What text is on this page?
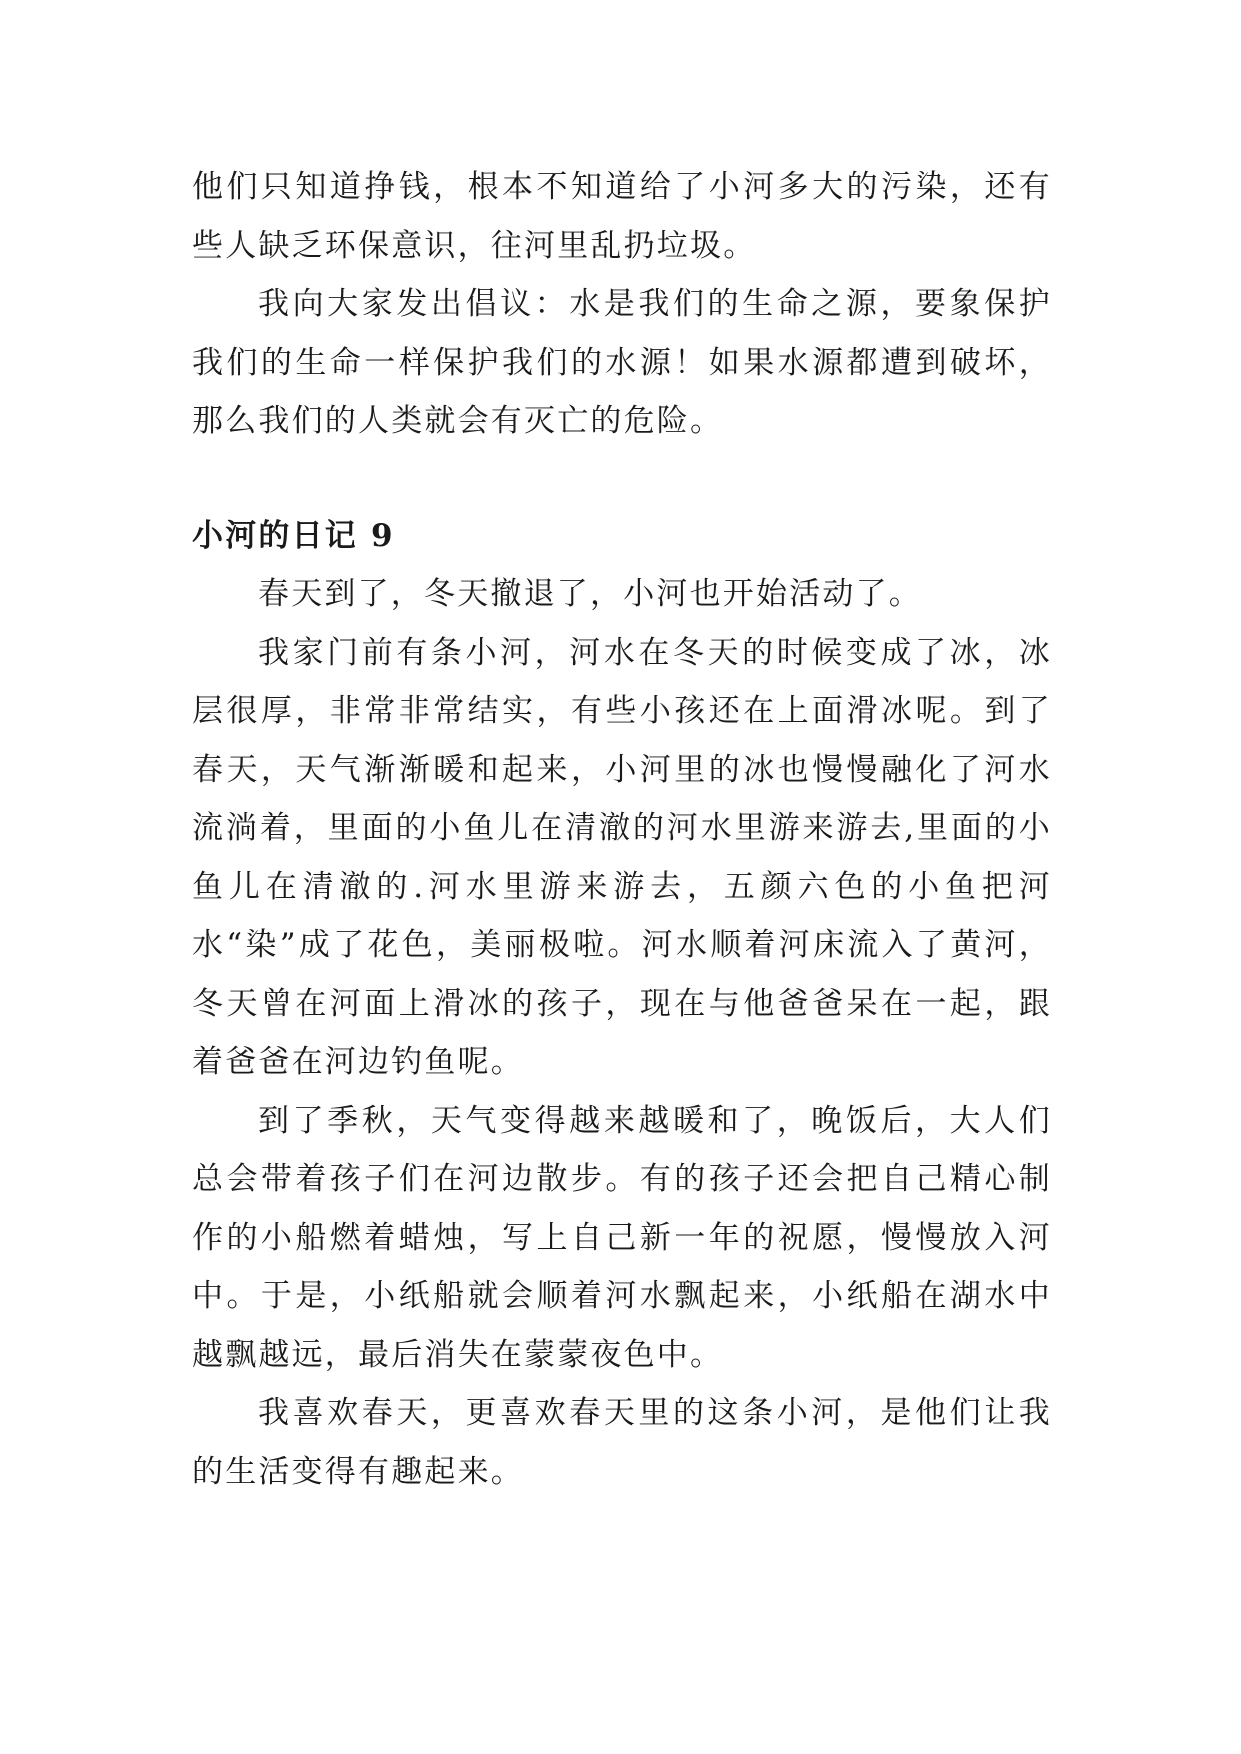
他们只知道挣钱，根本不知道给了小河多大的污染，还有些人缺乏环保意识，往河里乱扔垃圾。

我向大家发出倡议：水是我们的生命之源，要象保护我们的生命一样保护我们的水源！如果水源都遭到破坏，那么我们的人类就会有灭亡的危险。

小河的日记 9

春天到了，冬天撤退了，小河也开始活动了。

我家门前有条小河，河水在冬天的时候变成了冰，冰层很厚，非常非常结实，有些小孩还在上面滑冰呢。到了春天，天气渐渐暖和起来，小河里的冰也慢慢融化了河水流淌着，里面的小鱼儿在清澈的河水里游来游去,里面的小鱼儿在清澈的.河水里游来游去，五颜六色的小鱼把河水“染”成了花色，美丽极啦。河水顺着河床流入了黄河，冬天曾在河面上滑冰的孩子，现在与他爸爸呆在一起，跟着爸爸在河边钓鱼呢。

到了季秋，天气变得越来越暖和了，晚饭后，大人们总会带着孩子们在河边散步。有的孩子还会把自己精心制作的小船燃着蜡烛，写上自己新一年的祝愿，慢慢放入河中。于是，小纸船就会顺着河水飘起来，小纸船在湖水中越飘越远，最后消失在蒙蒙夜色中。

我喜欢春天，更喜欢春天里的这条小河，是他们让我的生活变得有趣起来。
